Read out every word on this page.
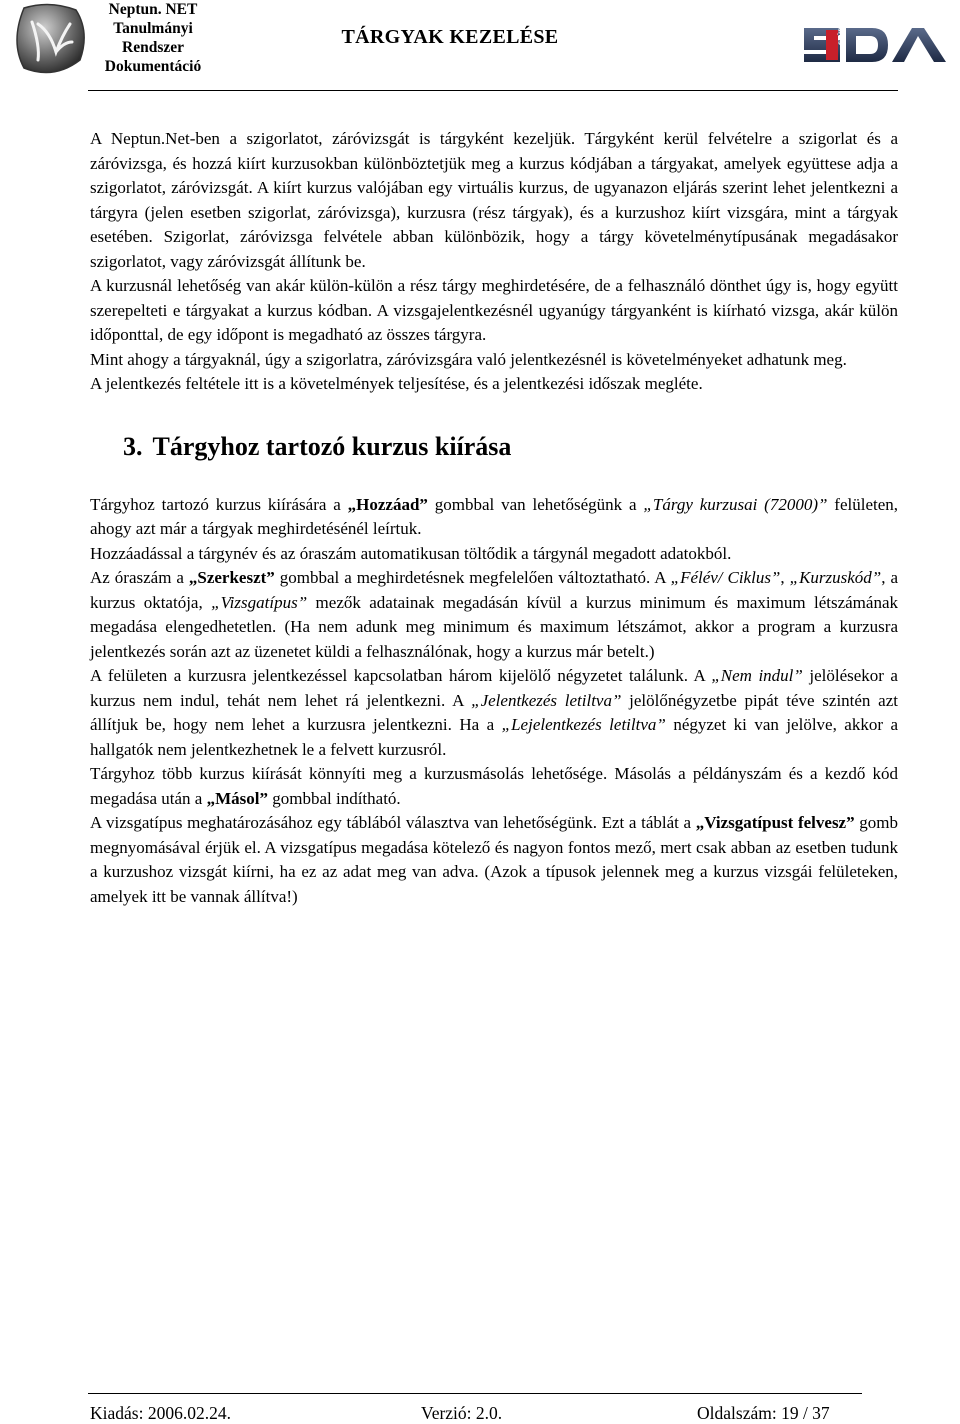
Neptun. NET
Tanulmányi
Rendszer
Dokumentáció
TÁRGYAK KEZELÉSE	STÚDIÓ

A Neptun.Net-ben a szigorlatot, záróvizsgát is tárgyként kezeljük. Tárgyként kerül felvételre a szigorlat és a záróvizsga, és hozzá kiírt kurzusokban különböztetjük meg a kurzus kódjában a tárgyakat, amelyek együttese adja a szigorlatot, záróvizsgát. A kiírt kurzus valójában egy virtuális kurzus, de ugyanazon eljárás szerint lehet jelentkezni a tárgyra (jelen esetben szigorlat, záróvizsga), kurzusra (rész tárgyak), és a kurzushoz kiírt vizsgára, mint a tárgyak esetében. Szigorlat, záróvizsga felvétele abban különbözik, hogy a tárgy követelménytípusának megadásakor szigorlatot, vagy záróvizsgát állítunk be.

A kurzusnál lehetőség van akár külön-külön a rész tárgy meghirdetésére, de a felhasználó dönthet úgy is, hogy együtt szerepelteti e tárgyakat a kurzus kódban. A vizsgajelentkezésnél ugyanúgy tárgyanként is kiírható vizsga, akár külön időponttal, de egy időpont is megadható az összes tárgyra.

Mint ahogy a tárgyaknál, úgy a szigorlatra, záróvizsgára való jelentkezésnél is követelményeket adhatunk meg.

A jelentkezés feltétele itt is a követelmények teljesítése, és a jelentkezési időszak megléte.

3. Tárgyhoz tartozó kurzus kiírása

Tárgyhoz tartozó kurzus kiírására a „Hozzáad” gombbal van lehetőségünk a „Tárgy kurzusai (72000)” felületen, ahogy azt már a tárgyak meghirdetésénél leírtuk.

Hozzáadással a tárgynév és az óraszám automatikusan töltődik a tárgynál megadott adatokból.

Az óraszám a „Szerkeszt” gombbal a meghirdetésnek megfelelően változtatható. A „Félév/ Ciklus”, „Kurzuskód”, a kurzus oktatója, „Vizsgatípus” mezők adatainak megadásán kívül a kurzus minimum és maximum létszámának megadása elengedhetetlen. (Ha nem adunk meg minimum és maximum létszámot, akkor a program a kurzusra jelentkezés során azt az üzenetet küldi a felhasználónak, hogy a kurzus már betelt.)

A felületen a kurzusra jelentkezéssel kapcsolatban három kijelölő négyzetet találunk. A „Nem indul” jelölésekor a kurzus nem indul, tehát nem lehet rá jelentkezni. A „Jelentkezés letiltva” jelölőnégyzetbe pipát téve szintén azt állítjuk be, hogy nem lehet a kurzusra jelentkezni. Ha a „Lejelentkezés letiltva” négyzet ki van jelölve, akkor a hallgatók nem jelentkezhetnek le a felvett kurzusról.

Tárgyhoz több kurzus kiírását könnyíti meg a kurzusmásolás lehetősége. Másolás a példányszám és a kezdő kód megadása után a „Másol” gombbal indítható.

A vizsgatípus meghatározásához egy táblából választva van lehetőségünk. Ezt a táblát a „Vizsgatípust felvesz” gomb megnyomásával érjük el. A vizsgatípus megadása kötelező és nagyon fontos mező, mert csak abban az esetben tudunk a kurzushoz vizsgát kiírni, ha ez az adat meg van adva. (Azok a típusok jelennek meg a kurzus vizsgái felületeken, amelyek itt be vannak állítva!)

Kiadás: 2006.02.24.	Verzió: 2.0.	Oldalszám: 19 / 37
